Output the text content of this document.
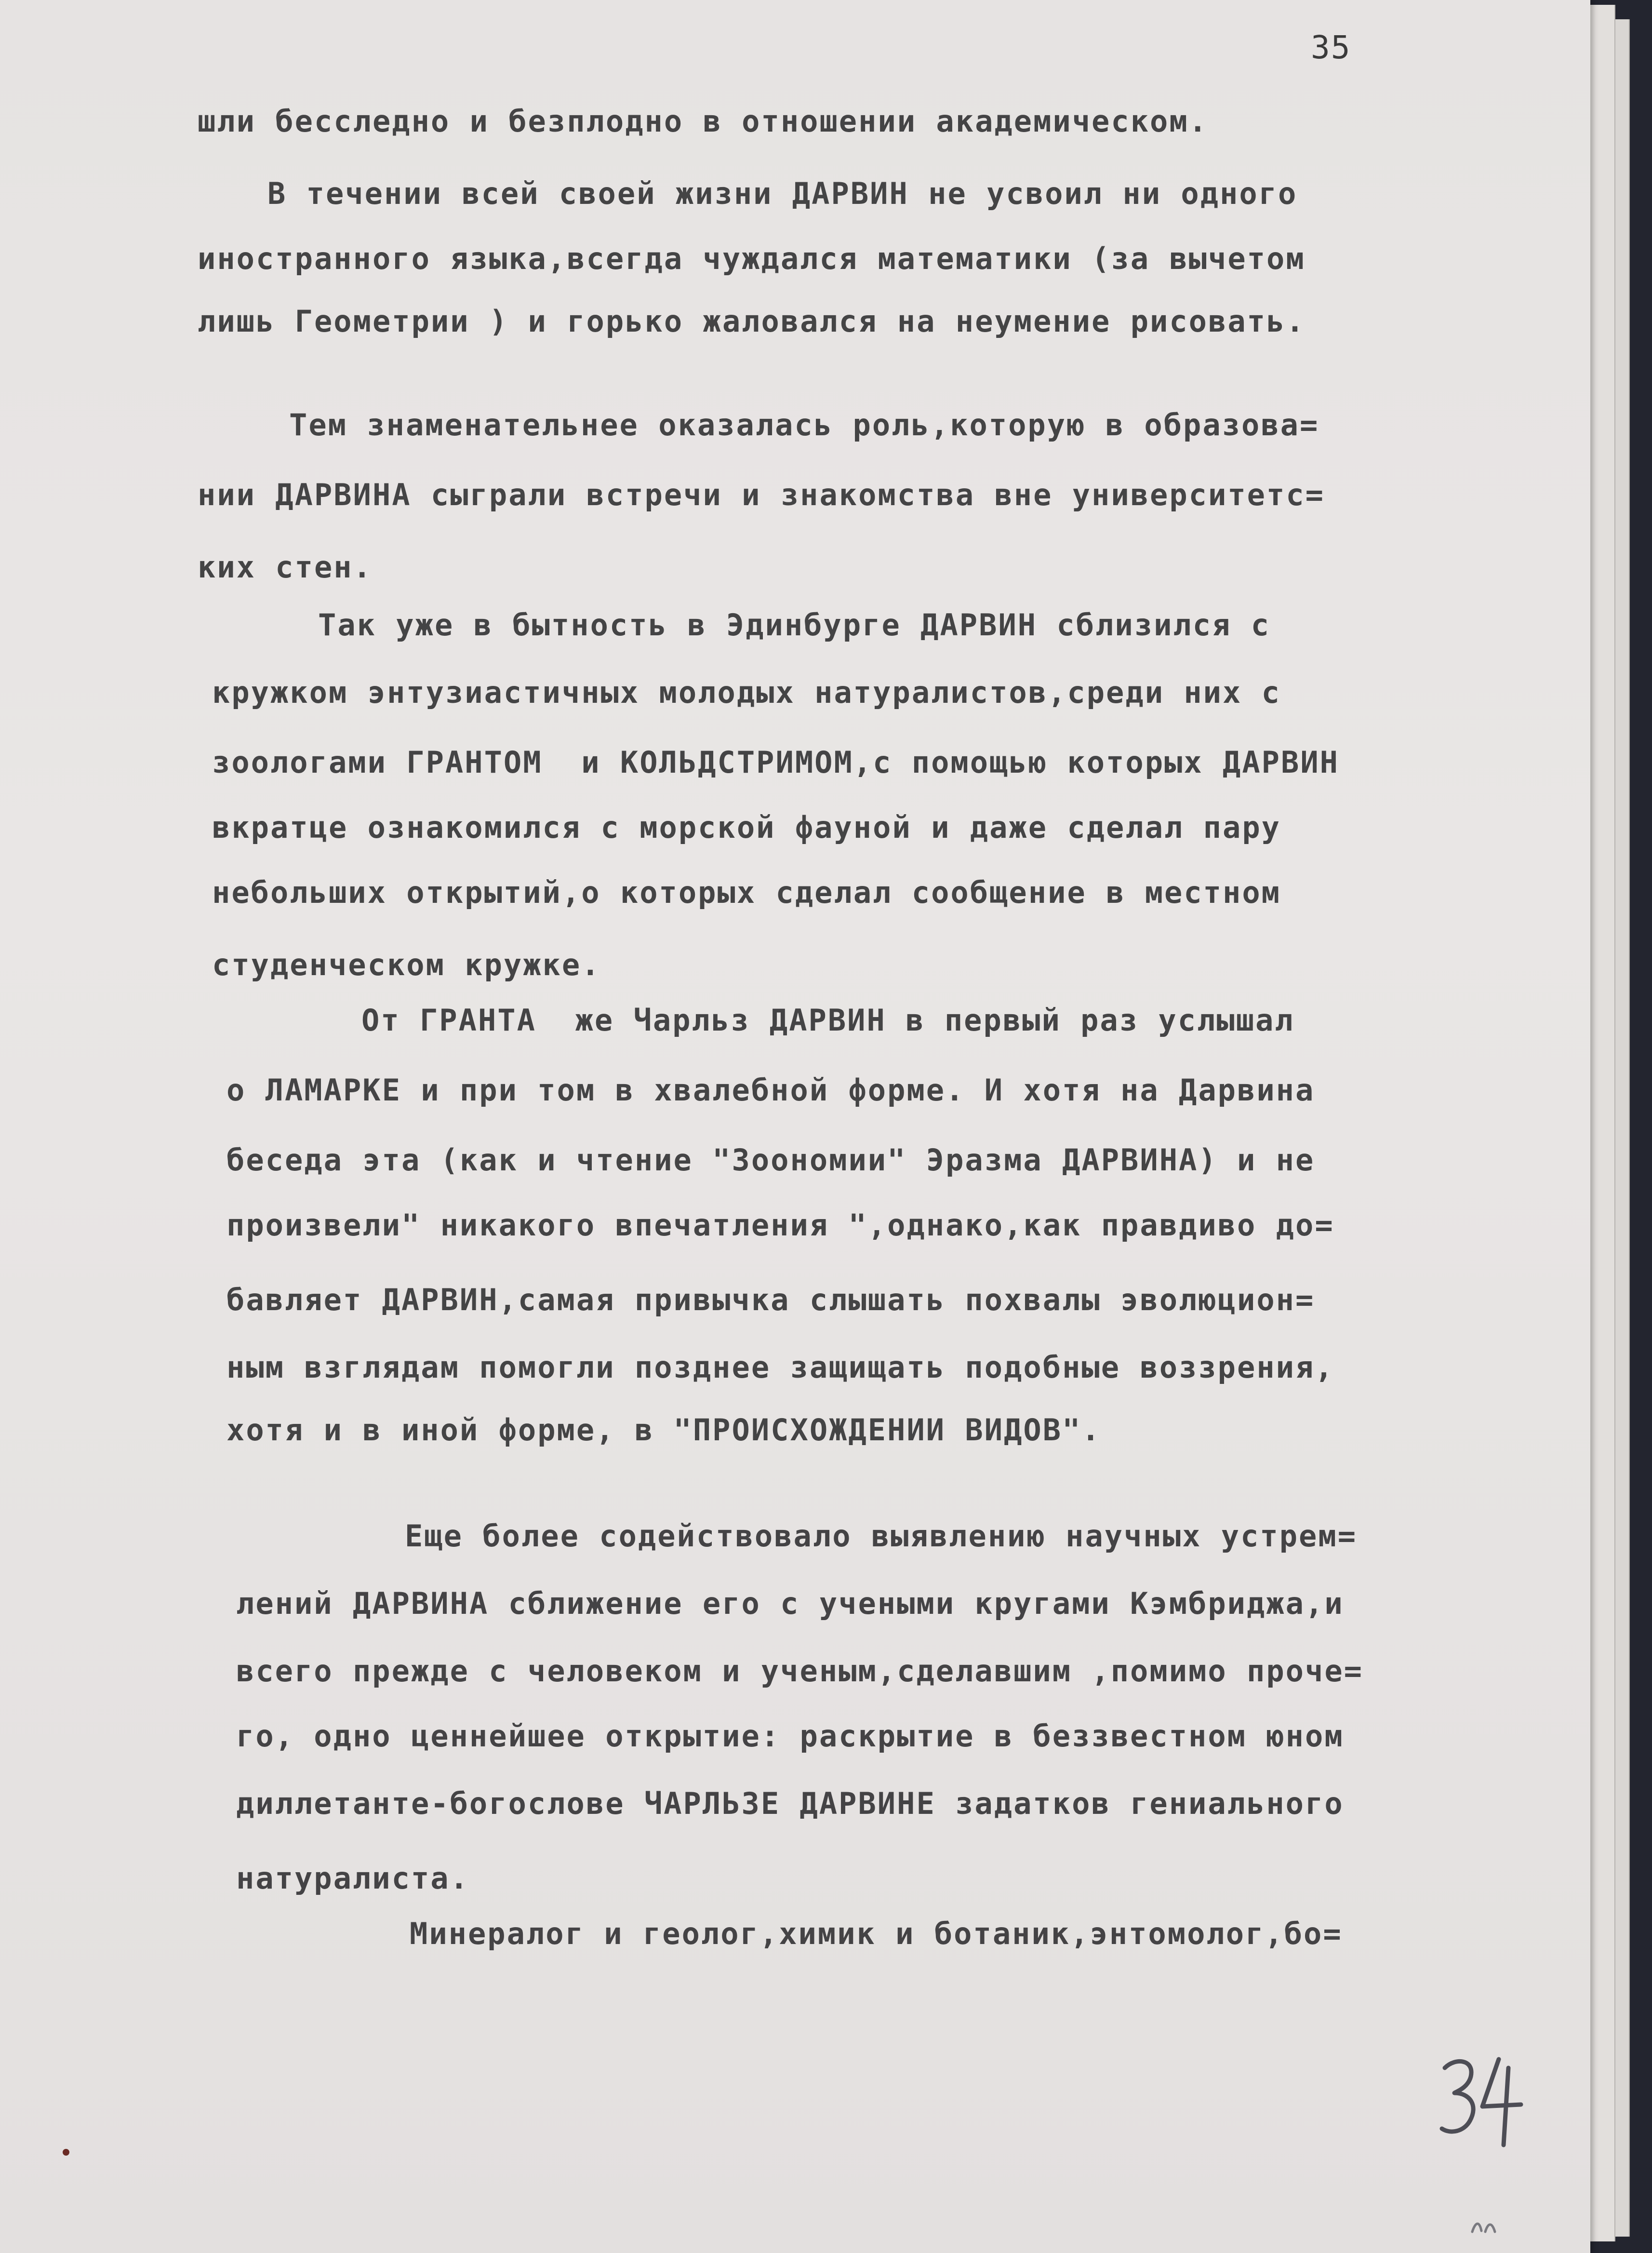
35
шли бесследно и безплодно в отношении академическом.
В течении всей своей жизни ДАРВИН не усвоил ни одного
иностранного языка,всегда чуждался математики (за вычетом
лишь Геометрии ) и горько жаловался на неумение рисовать.
Тем знаменательнее оказалась роль,которую в образова=
нии ДАРВИНА сыграли встречи и знакомства вне университетс=
ких стен.
Так уже в бытность в Эдинбурге ДАРВИН сблизился с
кружком энтузиастичных молодых натуралистов,среди них с
зоологами ГРАНТОМ  и КОЛЬДСТРИМОМ,с помощью которых ДАРВИН
вкратце ознакомился с морской фауной и даже сделал пару
небольших открытий,о которых сделал сообщение в местном
студенческом кружке.
От ГРАНТА  же Чарльз ДАРВИН в первый раз услышал
о ЛАМАРКЕ и при том в хвалебной форме. И хотя на Дарвина
беседа эта (как и чтение "Зоономии" Эразма ДАРВИНА) и не
произвели" никакого впечатления ",однако,как правдиво до=
бавляет ДАРВИН,самая привычка слышать похвалы эволюцион=
ным взглядам помогли позднее защищать подобные воззрения,
хотя и в иной форме, в "ПРОИСХОЖДЕНИИ ВИДОВ".
Еще более содействовало выявлению научных устрем=
лений ДАРВИНА сближение его с учеными кругами Кэмбриджа,и
всего прежде с человеком и ученым,сделавшим ,помимо проче=
го, одно ценнейшее открытие: раскрытие в беззвестном юном
диллетанте-богослове ЧАРЛЬЗЕ ДАРВИНЕ задатков гениального
натуралиста.
Минералог и геолог,химик и ботаник,энтомолог,бо=
